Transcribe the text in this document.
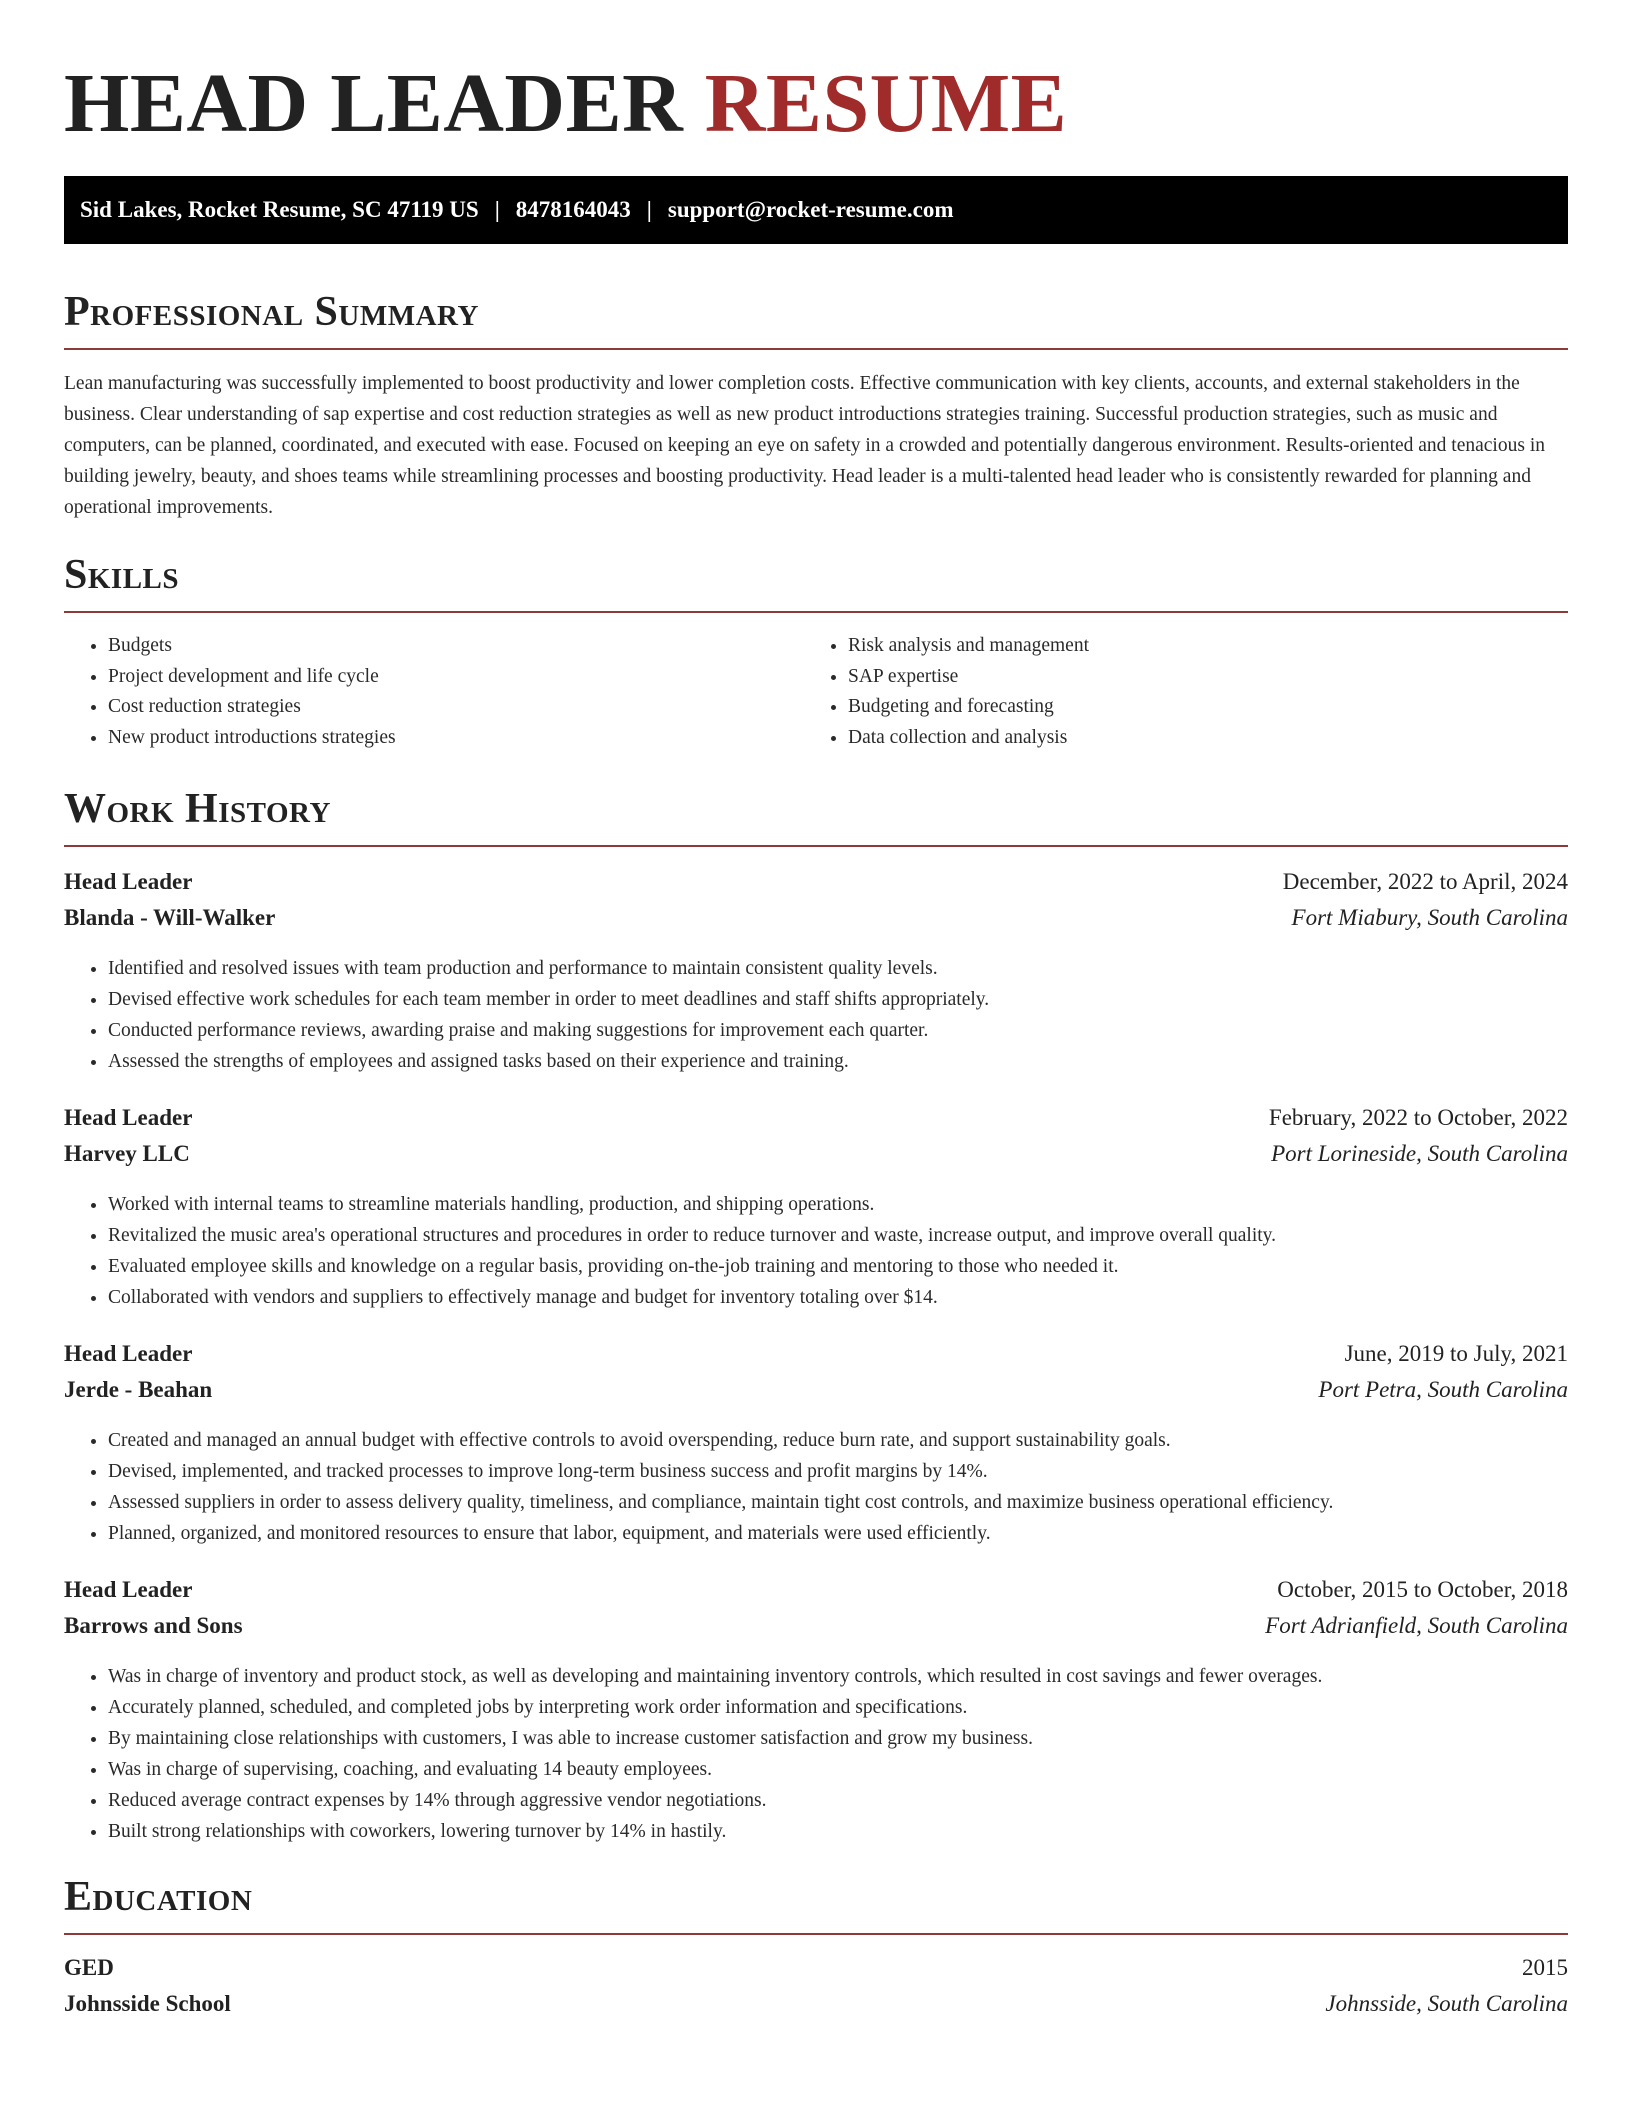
HEAD LEADER RESUME
Sid Lakes, Rocket Resume, SC 47119 US | 8478164043 | support@rocket-resume.com
Professional Summary

Lean manufacturing was successfully implemented to boost productivity and lower completion costs. Effective communication with key clients, accounts, and external stakeholders in the business. Clear understanding of sap expertise and cost reduction strategies as well as new product introductions strategies training. Successful production strategies, such as music and computers, can be planned, coordinated, and executed with ease. Focused on keeping an eye on safety in a crowded and potentially dangerous environment. Results-oriented and tenacious in building jewelry, beauty, and shoes teams while streamlining processes and boosting productivity. Head leader is a multi-talented head leader who is consistently rewarded for planning and operational improvements.

Skills
• Budgets
• Project development and life cycle
• Cost reduction strategies
• New product introductions strategies
• Risk analysis and management
• SAP expertise
• Budgeting and forecasting
• Data collection and analysis
Work History
Head Leader	December, 2022 to April, 2024
Blanda - Will-Walker	Fort Miabury, South Carolina
• Identified and resolved issues with team production and performance to maintain consistent quality levels.
• Devised effective work schedules for each team member in order to meet deadlines and staff shifts appropriately.
• Conducted performance reviews, awarding praise and making suggestions for improvement each quarter.
• Assessed the strengths of employees and assigned tasks based on their experience and training.
Head Leader	February, 2022 to October, 2022
Harvey LLC	Port Lorineside, South Carolina
• Worked with internal teams to streamline materials handling, production, and shipping operations.
• Revitalized the music area's operational structures and procedures in order to reduce turnover and waste, increase output, and improve overall quality.
• Evaluated employee skills and knowledge on a regular basis, providing on-the-job training and mentoring to those who needed it.
• Collaborated with vendors and suppliers to effectively manage and budget for inventory totaling over $14.
Head Leader	June, 2019 to July, 2021
Jerde - Beahan	Port Petra, South Carolina
• Created and managed an annual budget with effective controls to avoid overspending, reduce burn rate, and support sustainability goals.
• Devised, implemented, and tracked processes to improve long-term business success and profit margins by 14%.
• Assessed suppliers in order to assess delivery quality, timeliness, and compliance, maintain tight cost controls, and maximize business operational efficiency.
• Planned, organized, and monitored resources to ensure that labor, equipment, and materials were used efficiently.
Head Leader	October, 2015 to October, 2018
Barrows and Sons	Fort Adrianfield, South Carolina
• Was in charge of inventory and product stock, as well as developing and maintaining inventory controls, which resulted in cost savings and fewer overages.
• Accurately planned, scheduled, and completed jobs by interpreting work order information and specifications.
• By maintaining close relationships with customers, I was able to increase customer satisfaction and grow my business.
• Was in charge of supervising, coaching, and evaluating 14 beauty employees.
• Reduced average contract expenses by 14% through aggressive vendor negotiations.
• Built strong relationships with coworkers, lowering turnover by 14% in hastily.
Education
GED	2015
Johnsside School	Johnsside, South Carolina
